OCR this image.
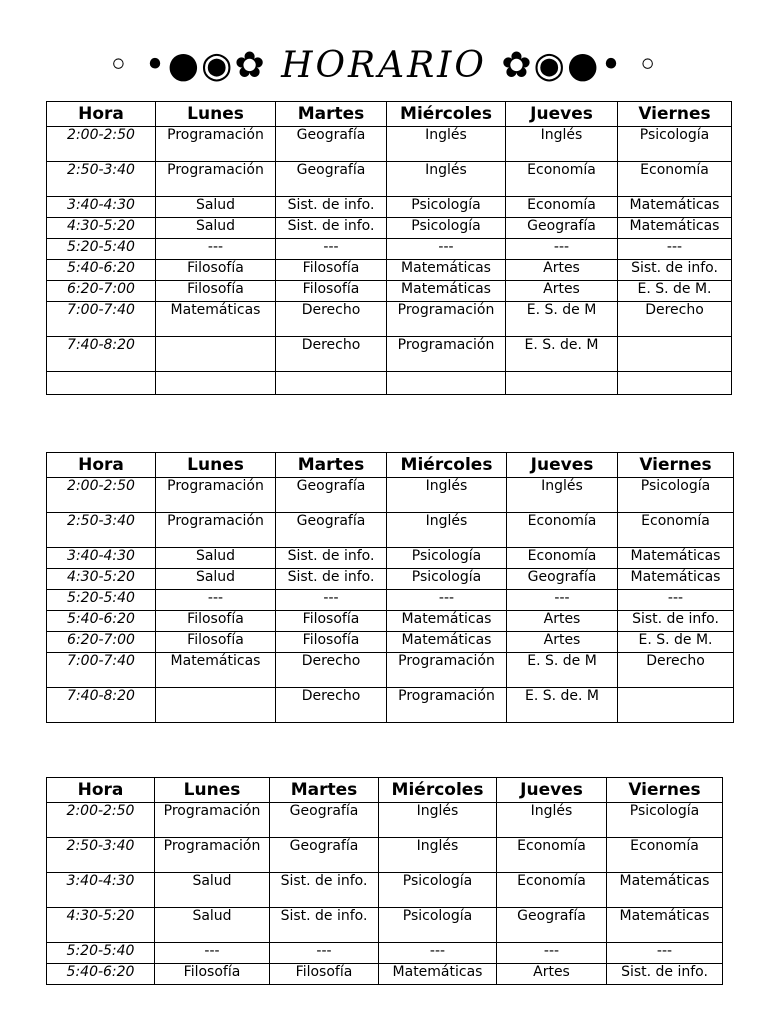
◦ •●◉✿ HORARIO ✿◉●• ◦
Hora	Lunes	Martes	Miércoles	Jueves	Viernes
2:00-2:50	Programación	Geografía	Inglés	Inglés	Psicología
2:50-3:40	Programación	Geografía	Inglés	Economía	Economía
3:40-4:30	Salud	Sist. de info.	Psicología	Economía	Matemáticas
4:30-5:20	Salud	Sist. de info.	Psicología	Geografía	Matemáticas
5:20-5:40	---	---	---	---	---
5:40-6:20	Filosofía	Filosofía	Matemáticas	Artes	Sist. de info.
6:20-7:00	Filosofía	Filosofía	Matemáticas	Artes	E. S. de M.
7:00-7:40	Matemáticas	Derecho	Programación	E. S. de M	Derecho
7:40-8:20		Derecho	Programación	E. S. de. M	

Hora	Lunes	Martes	Miércoles	Jueves	Viernes
2:00-2:50	Programación	Geografía	Inglés	Inglés	Psicología
2:50-3:40	Programación	Geografía	Inglés	Economía	Economía
3:40-4:30	Salud	Sist. de info.	Psicología	Economía	Matemáticas
4:30-5:20	Salud	Sist. de info.	Psicología	Geografía	Matemáticas
5:20-5:40	---	---	---	---	---
5:40-6:20	Filosofía	Filosofía	Matemáticas	Artes	Sist. de info.
6:20-7:00	Filosofía	Filosofía	Matemáticas	Artes	E. S. de M.
7:00-7:40	Matemáticas	Derecho	Programación	E. S. de M	Derecho
7:40-8:20		Derecho	Programación	E. S. de. M	
Hora	Lunes	Martes	Miércoles	Jueves	Viernes
2:00-2:50	Programación	Geografía	Inglés	Inglés	Psicología
2:50-3:40	Programación	Geografía	Inglés	Economía	Economía
3:40-4:30	Salud	Sist. de info.	Psicología	Economía	Matemáticas
4:30-5:20	Salud	Sist. de info.	Psicología	Geografía	Matemáticas
5:20-5:40	---	---	---	---	---
5:40-6:20	Filosofía	Filosofía	Matemáticas	Artes	Sist. de info.
